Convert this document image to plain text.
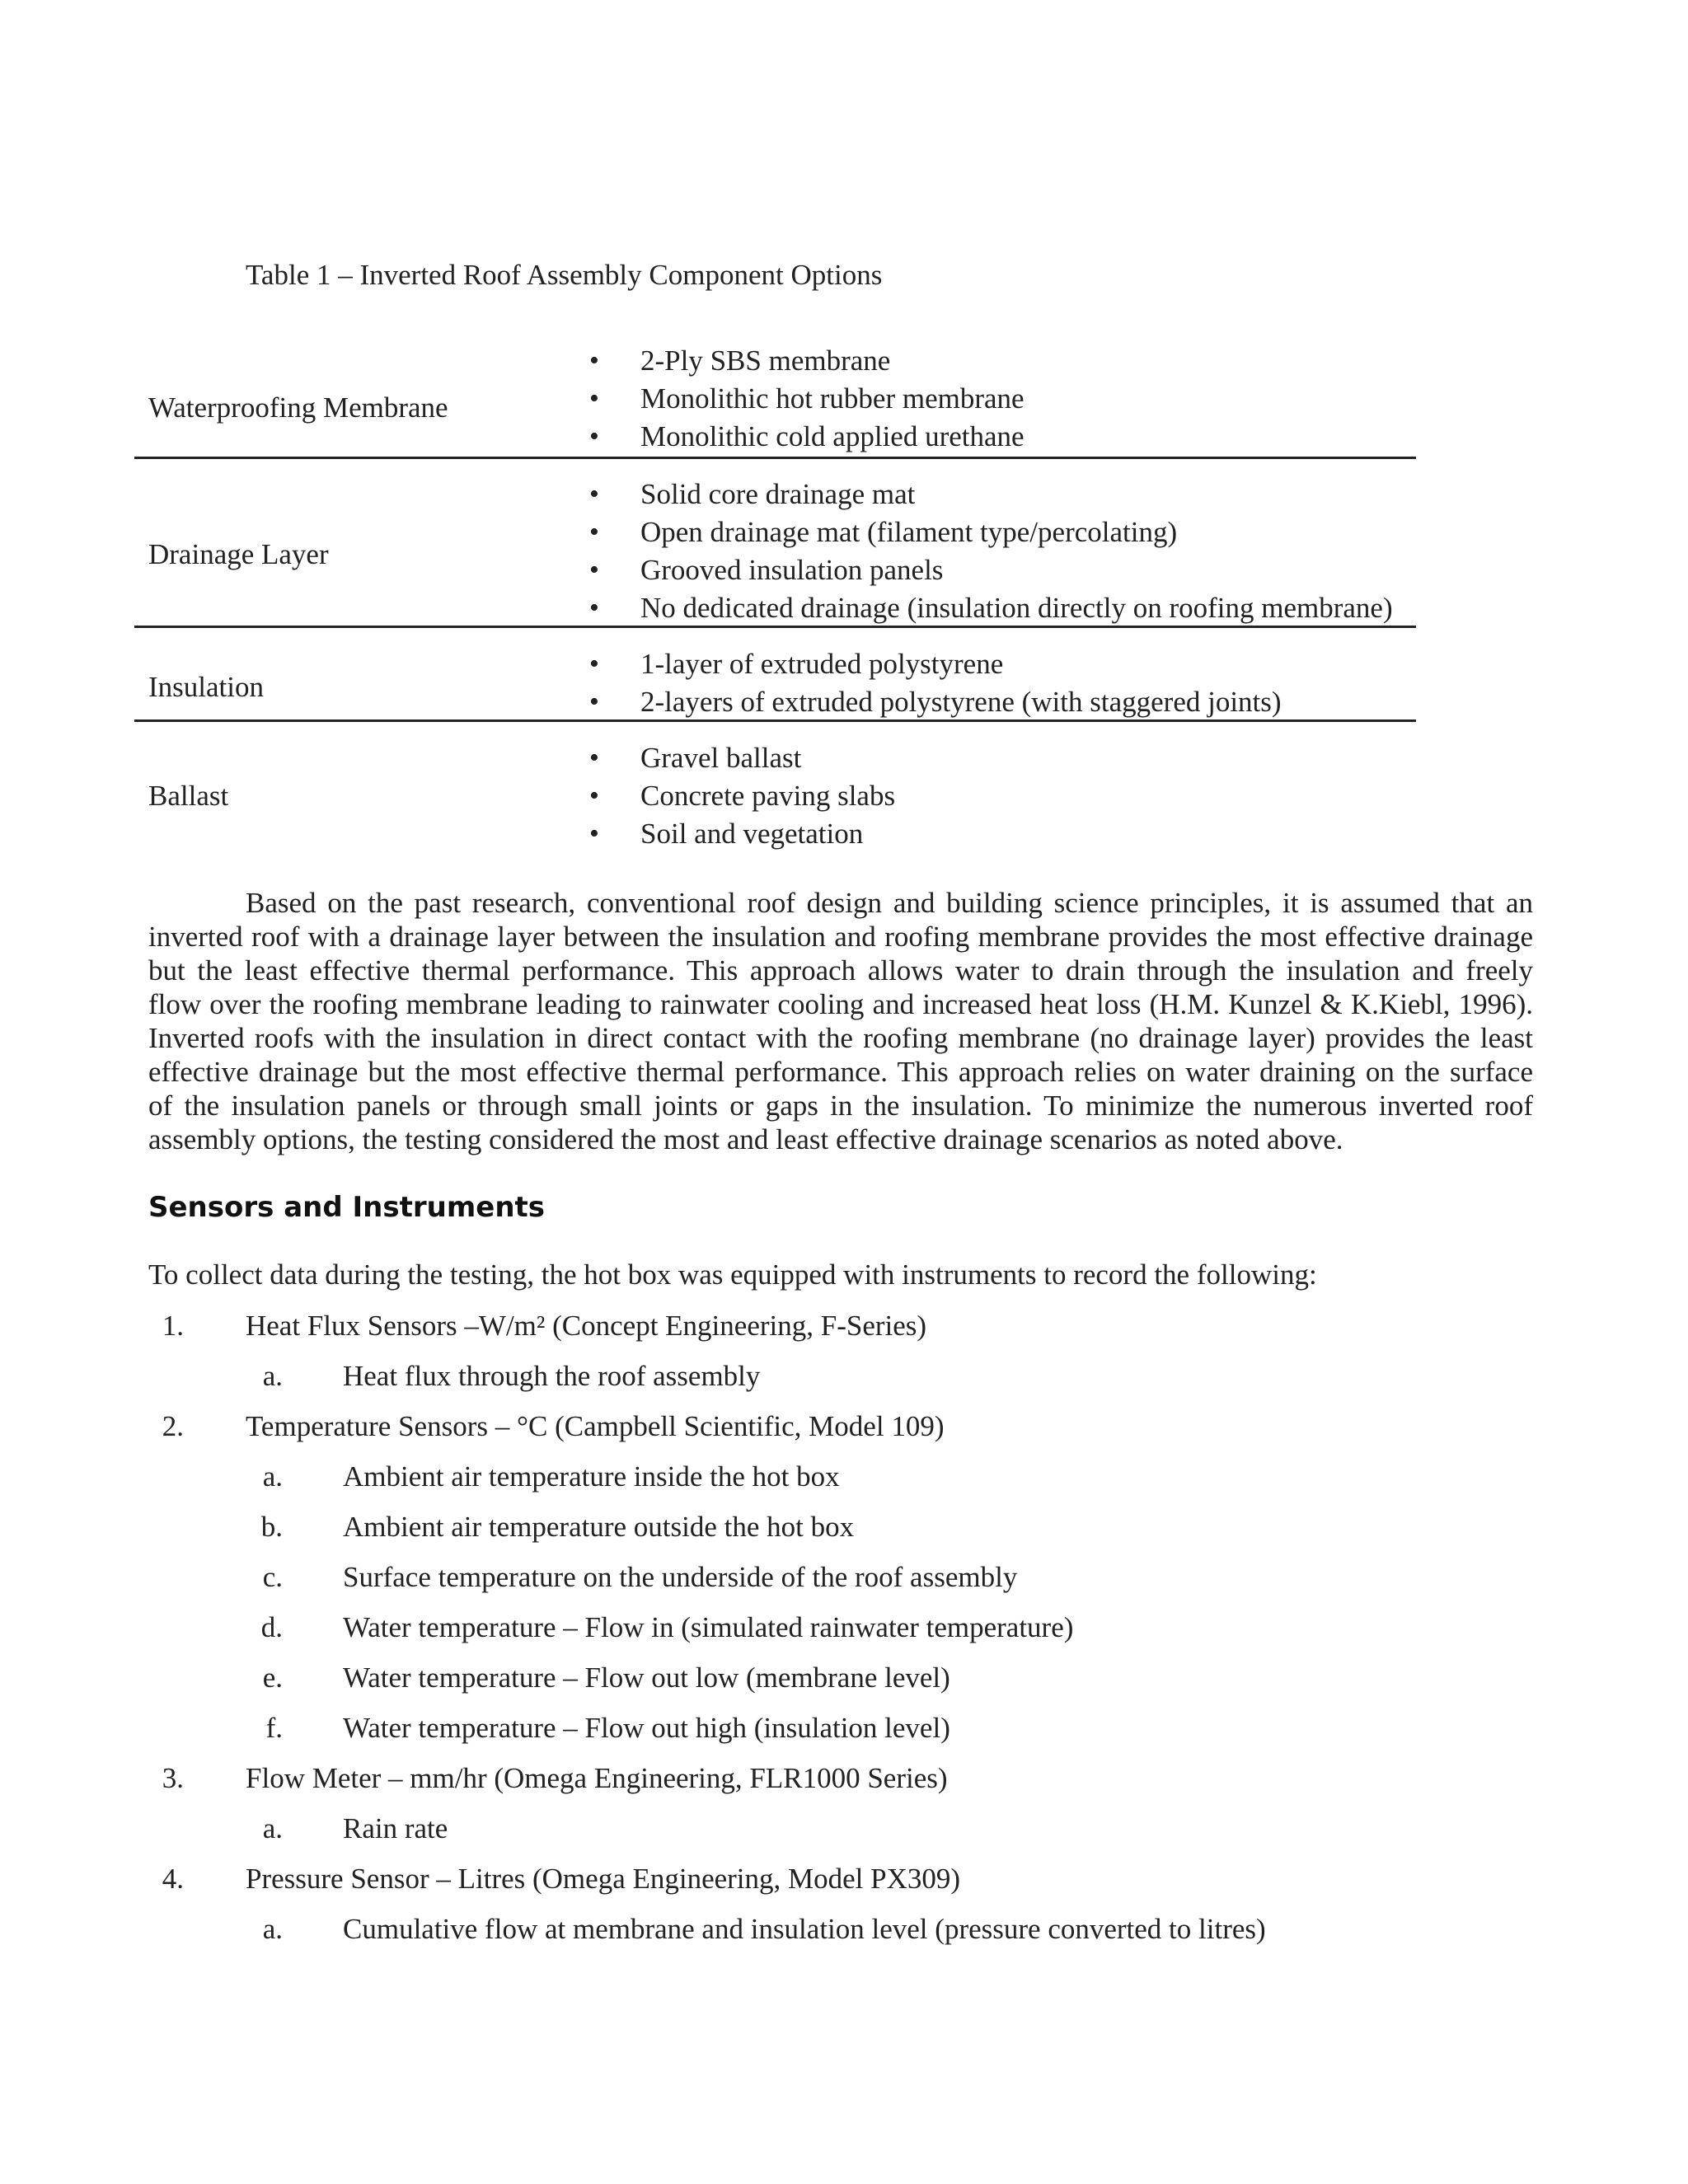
Table 1 – Inverted Roof Assembly Component Options
Waterproofing Membrane
• 2-Ply SBS membrane
• Monolithic hot rubber membrane
• Monolithic cold applied urethane
Drainage Layer
• Solid core drainage mat
• Open drainage mat (filament type/percolating)
• Grooved insulation panels
• No dedicated drainage (insulation directly on roofing membrane)
Insulation
• 1-layer of extruded polystyrene
• 2-layers of extruded polystyrene (with staggered joints)
Ballast
• Gravel ballast
• Concrete paving slabs
• Soil and vegetation

Based on the past research, conventional roof design and building science principles, it is assumed that an
inverted roof with a drainage layer between the insulation and roofing membrane provides the most effective drainage
but the least effective thermal performance. This approach allows water to drain through the insulation and freely
flow over the roofing membrane leading to rainwater cooling and increased heat loss (H.M. Kunzel & K.Kiebl, 1996).
Inverted roofs with the insulation in direct contact with the roofing membrane (no drainage layer) provides the least
effective drainage but the most effective thermal performance. This approach relies on water draining on the surface
of the insulation panels or through small joints or gaps in the insulation. To minimize the numerous inverted roof
assembly options, the testing considered the most and least effective drainage scenarios as noted above.

Sensors and Instruments
To collect data during the testing, the hot box was equipped with instruments to record the following:
1. Heat Flux Sensors –W/m² (Concept Engineering, F-Series)
a. Heat flux through the roof assembly
2. Temperature Sensors – °C (Campbell Scientific, Model 109)
a. Ambient air temperature inside the hot box
b. Ambient air temperature outside the hot box
c. Surface temperature on the underside of the roof assembly
d. Water temperature – Flow in (simulated rainwater temperature)
e. Water temperature – Flow out low (membrane level)
f. Water temperature – Flow out high (insulation level)
3. Flow Meter – mm/hr (Omega Engineering, FLR1000 Series)
a. Rain rate
4. Pressure Sensor – Litres (Omega Engineering, Model PX309)
a. Cumulative flow at membrane and insulation level (pressure converted to litres)
